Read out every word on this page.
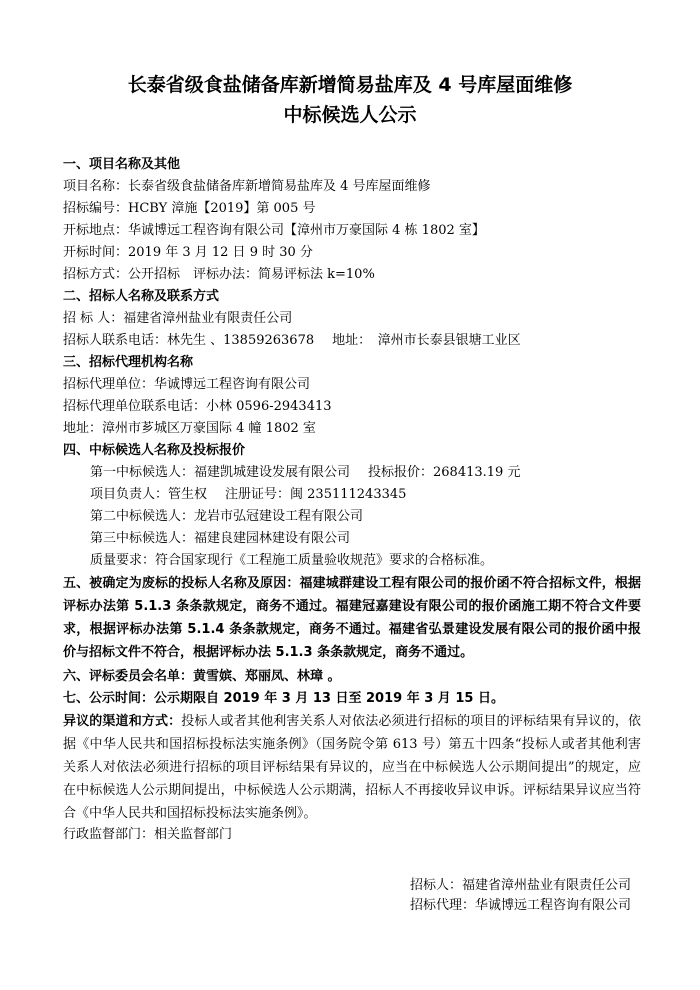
长泰省级食盐储备库新增简易盐库及 4 号库屋面维修
中标候选人公示
一、项目名称及其他
项目名称：长泰省级食盐储备库新增简易盐库及 4 号库屋面维修
招标编号：HCBY 漳施【2019】第 005 号
开标地点：华诚博远工程咨询有限公司【漳州市万豪国际 4 栋 1802 室】
开标时间：2019 年 3 月 12 日 9 时 30 分
招标方式：公开招标　评标办法：简易评标法 k=10%
二、招标人名称及联系方式
招 标 人：福建省漳州盐业有限责任公司
招标人联系电话：林先生 、13859263678 地址：　漳州市长泰县银塘工业区
三、招标代理机构名称
招标代理单位：华诚博远工程咨询有限公司
招标代理单位联系电话：小林 0596-2943413
地址：漳州市芗城区万豪国际 4 幢 1802 室
四、中标候选人名称及投标报价
第一中标候选人：福建凯城建设发展有限公司 投标报价：268413.19 元
项目负责人：管生权 注册证号：闽 235111243345
第二中标候选人：龙岩市弘冠建设工程有限公司
第三中标候选人：福建良建园林建设有限公司
质量要求：符合国家现行《工程施工质量验收规范》要求的合格标准。
五、被确定为废标的投标人名称及原因：福建城群建设工程有限公司的报价函不符合招标文件，根据评标办法第 5.1.3 条条款规定，商务不通过。福建冠嘉建设有限公司的报价函施工期不符合文件要求，根据评标办法第 5.1.4 条条款规定，商务不通过。福建省弘景建设发展有限公司的报价函中报价与招标文件不符合，根据评标办法 5.1.3 条条款规定，商务不通过。
六、评标委员会名单：黄雪嫔、郑丽凤、林璋 。
七、公示时间：公示期限自 2019 年 3 月 13 日至 2019 年 3 月 15 日。
异议的渠道和方式：投标人或者其他利害关系人对依法必须进行招标的项目的评标结果有异议的，依据《中华人民共和国招标投标法实施条例》（国务院令第 613 号）第五十四条“投标人或者其他利害关系人对依法必须进行招标的项目评标结果有异议的，应当在中标候选人公示期间提出”的规定，应在中标候选人公示期间提出，中标候选人公示期满，招标人不再接收异议申诉。评标结果异议应当符合《中华人民共和国招标投标法实施条例》。
行政监督部门：相关监督部门
招标人：福建省漳州盐业有限责任公司
招标代理：华诚博远工程咨询有限公司
